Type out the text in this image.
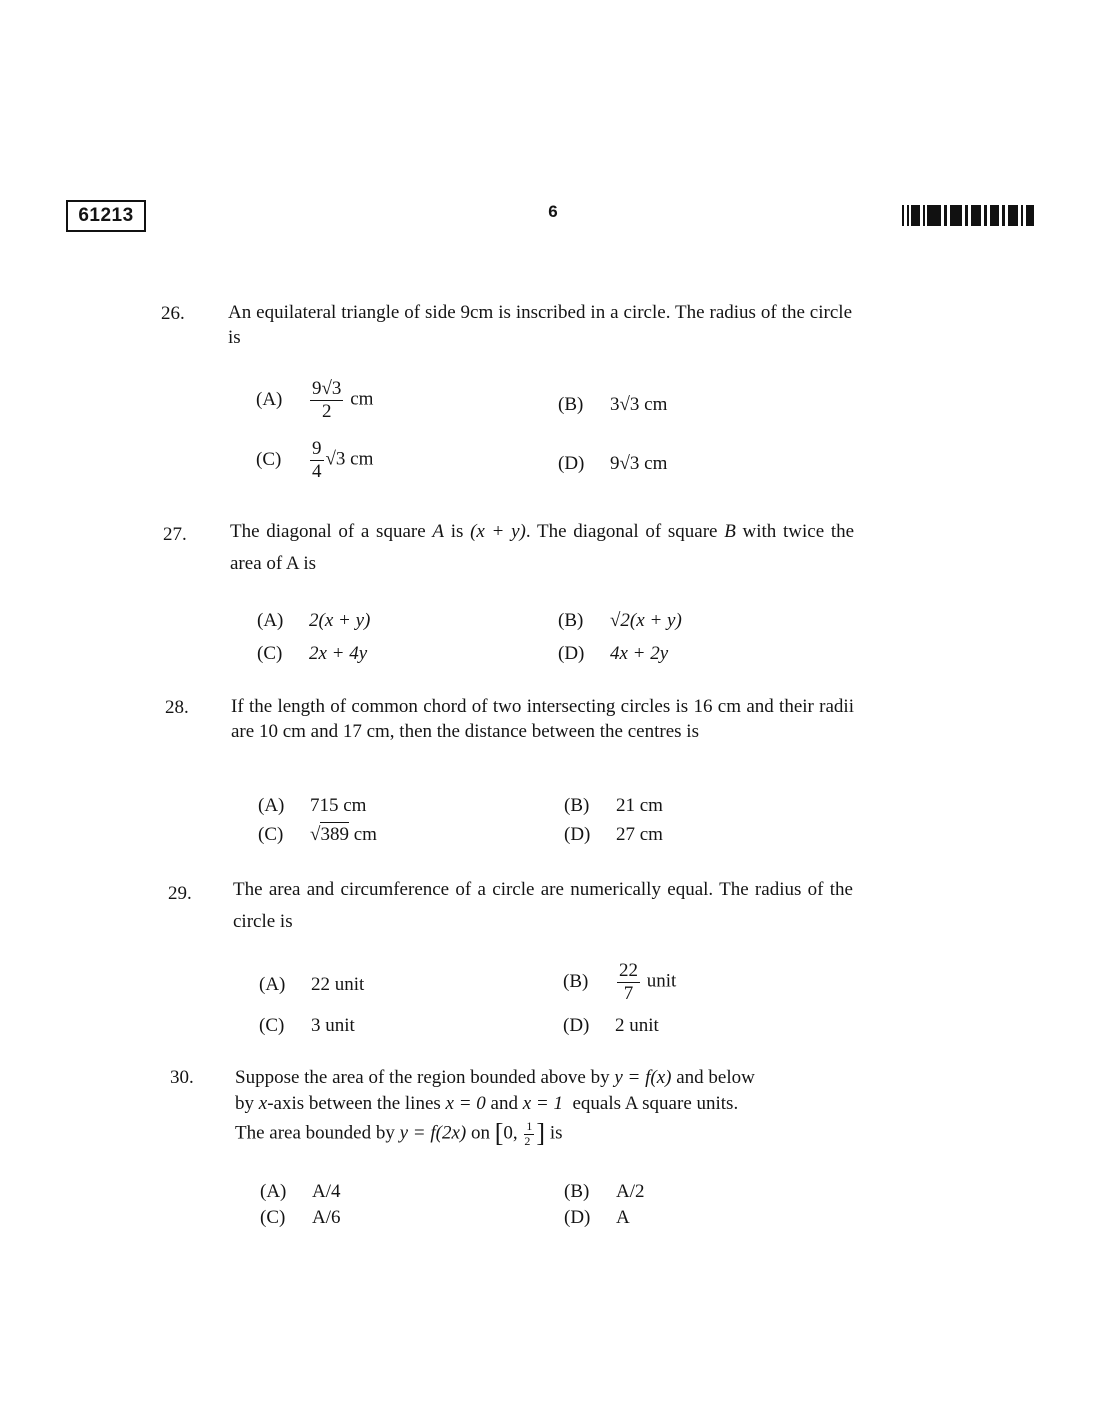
61213	6
26. An equilateral triangle of side 9cm is inscribed in a circle. The radius of the circle is
$(A) \frac{9√3}{2}$ cm	(B) 3√3 cm
$(C) \frac{9}{4} √3$ cm	(D) 9√3 cm
27. The diagonal of a square A is (x + y). The diagonal of square B with twice the area of A is
(A) 2(x + y)	(B) √2(x + y)
(C) 2x + 4y	(D) 4x + 2y
28. If the length of common chord of two intersecting circles is 16 cm and their radii are 10 cm and 17 cm, then the distance between the centres is
(A) 715 cm	(B) 21 cm
(C) √389 cm	(D) 27 cm
29. The area and circumference of a circle are numerically equal. The radius of the circle is
(A) 22 unit	$(B) \frac{22}{7}$ unit
(C) 3 unit	(D) 2 unit
30. Suppose the area of the region bounded above by y = f(x) and below
by x-axis between the lines x = 0 and x = 1 equals A square units.
The area bounded by y = f(2x) on [0, $\frac{1}{2}$ ] is
(A) A/4	(B) A/2
(C) A/6	(D) A
